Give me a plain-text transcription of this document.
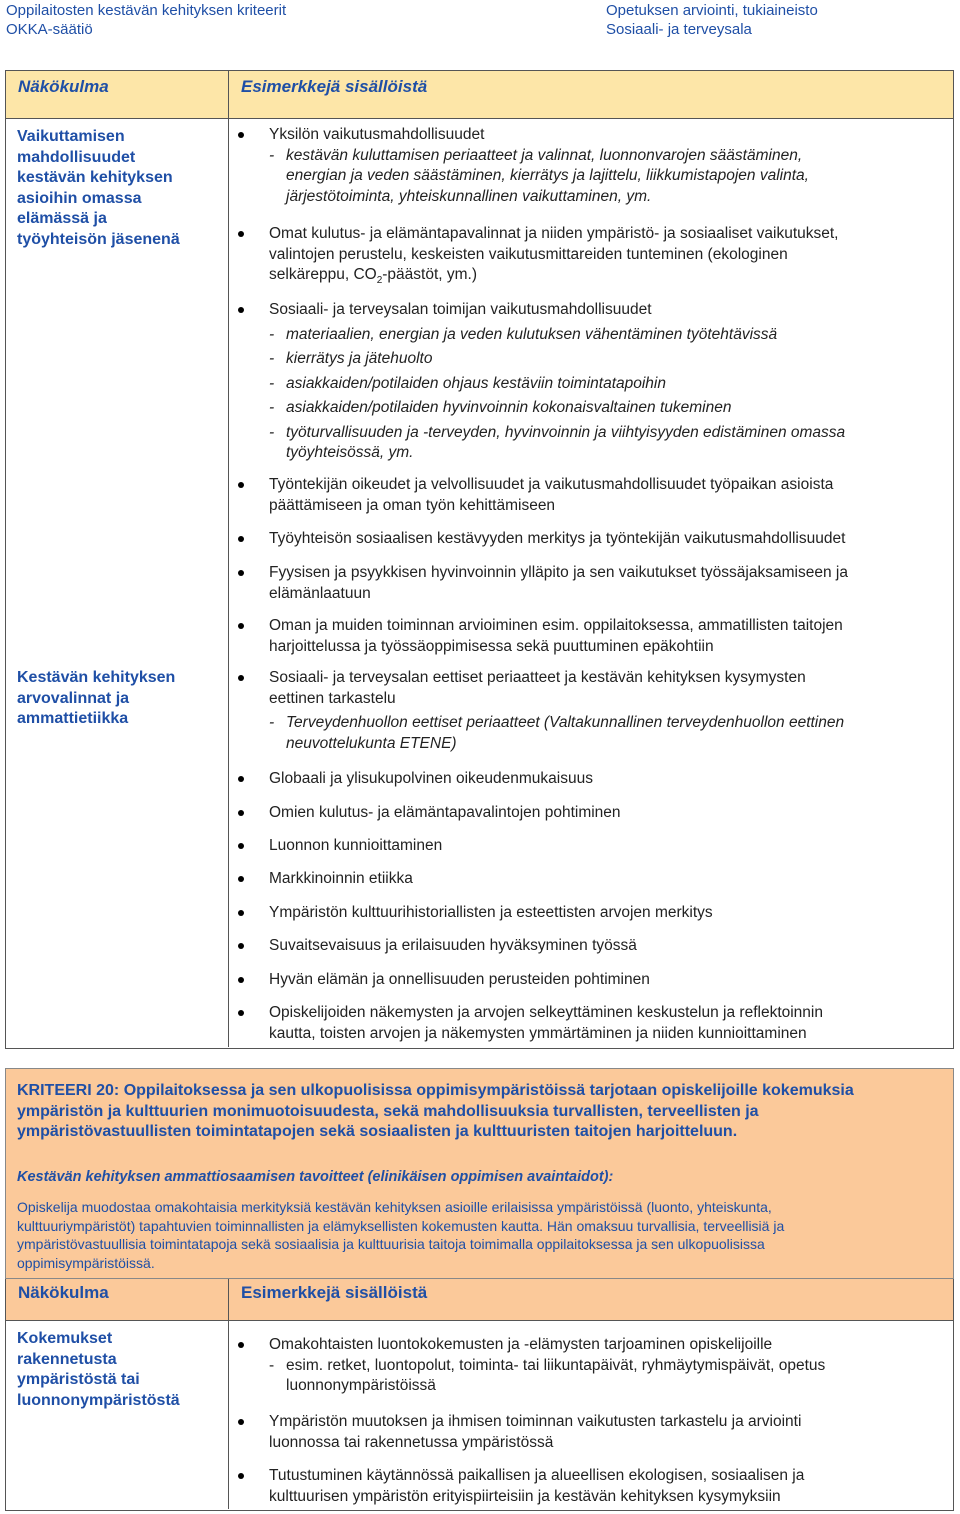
Oppilaitosten kestävän kehityksen kriteerit
OKKA-säätiö
Opetuksen arviointi, tukiaineisto
Sosiaali- ja terveysala
Näkökulma	Esimerkkejä sisällöistä
Vaikuttamisen
mahdollisuudet
kestävän kehityksen
asioihin omassa
elämässä ja
työyhteisön jäsenenä
Kestävän kehityksen
arvovalinnat ja
ammattietiikka
Yksilön vaikutusmahdollisuudet
- kestävän kuluttamisen periaatteet ja valinnat, luonnonvarojen säästäminen,
energian ja veden säästäminen, kierrätys ja lajittelu, liikkumistapojen valinta,
järjestötoiminta, yhteiskunnallinen vaikuttaminen, ym.
Omat kulutus- ja elämäntapavalinnat ja niiden ympäristö- ja sosiaaliset vaikutukset,
valintojen perustelu, keskeisten vaikutusmittareiden tunteminen (ekologinen
selkäreppu, $CO_2$-päästöt, ym.)
Sosiaali- ja terveysalan toimijan vaikutusmahdollisuudet
- materiaalien, energian ja veden kulutuksen vähentäminen työtehtävissä
- kierrätys ja jätehuolto
- asiakkaiden/potilaiden ohjaus kestäviin toimintatapoihin
- asiakkaiden/potilaiden hyvinvoinnin kokonaisvaltainen tukeminen
- työturvallisuuden ja -terveyden, hyvinvoinnin ja viihtyisyyden edistäminen omassa
työyhteisössä, ym.
Työntekijän oikeudet ja velvollisuudet ja vaikutusmahdollisuudet työpaikan asioista
päättämiseen ja oman työn kehittämiseen
Työyhteisön sosiaalisen kestävyyden merkitys ja työntekijän vaikutusmahdollisuudet
Fyysisen ja psyykkisen hyvinvoinnin ylläpito ja sen vaikutukset työssäjaksamiseen ja
elämänlaatuun
Oman ja muiden toiminnan arvioiminen esim. oppilaitoksessa, ammatillisten taitojen
harjoittelussa ja työssäoppimisessa sekä puuttuminen epäkohtiin
Sosiaali- ja terveysalan eettiset periaatteet ja kestävän kehityksen kysymysten
eettinen tarkastelu
- Terveydenhuollon eettiset periaatteet (Valtakunnallinen terveydenhuollon eettinen
neuvottelukunta ETENE)
Globaali ja ylisukupolvinen oikeudenmukaisuus
Omien kulutus- ja elämäntapavalintojen pohtiminen
Luonnon kunnioittaminen
Markkinoinnin etiikka
Ympäristön kulttuurihistoriallisten ja esteettisten arvojen merkitys
Suvaitsevaisuus ja erilaisuuden hyväksyminen työssä
Hyvän elämän ja onnellisuuden perusteiden pohtiminen
Opiskelijoiden näkemysten ja arvojen selkeyttäminen keskustelun ja reflektoinnin
kautta, toisten arvojen ja näkemysten ymmärtäminen ja niiden kunnioittaminen
KRITEERI 20: Oppilaitoksessa ja sen ulkopuolisissa oppimisympäristöissä tarjotaan opiskelijoille kokemuksia
ympäristön ja kulttuurien monimuotoisuudesta, sekä mahdollisuuksia turvallisten, terveellisten ja
ympäristövastuullisten toimintatapojen sekä sosiaalisten ja kulttuuristen taitojen harjoitteluun.
Kestävän kehityksen ammattiosaamisen tavoitteet (elinikäisen oppimisen avaintaidot):
Opiskelija muodostaa omakohtaisia merkityksiä kestävän kehityksen asioille erilaisissa ympäristöissä (luonto, yhteiskunta,
kulttuuriympäristöt) tapahtuvien toiminnallisten ja elämyksellisten kokemusten kautta. Hän omaksuu turvallisia, terveellisiä ja
ympäristövastuullisia toimintatapoja sekä sosiaalisia ja kulttuurisia taitoja toimimalla oppilaitoksessa ja sen ulkopuolisissa
oppimisympäristöissä.
Näkökulma	Esimerkkejä sisällöistä
Kokemukset
rakennetusta
ympäristöstä tai
luonnonympäristöstä
Omakohtaisten luontokokemusten ja -elämysten tarjoaminen opiskelijoille
- esim. retket, luontopolut, toiminta- tai liikuntapäivät, ryhmäytymispäivät, opetus
luonnonympäristöissä
Ympäristön muutoksen ja ihmisen toiminnan vaikutusten tarkastelu ja arviointi
luonnossa tai rakennetussa ympäristössä
Tutustuminen käytännössä paikallisen ja alueellisen ekologisen, sosiaalisen ja
kulttuurisen ympäristön erityispiirteisiin ja kestävän kehityksen kysymyksiin
